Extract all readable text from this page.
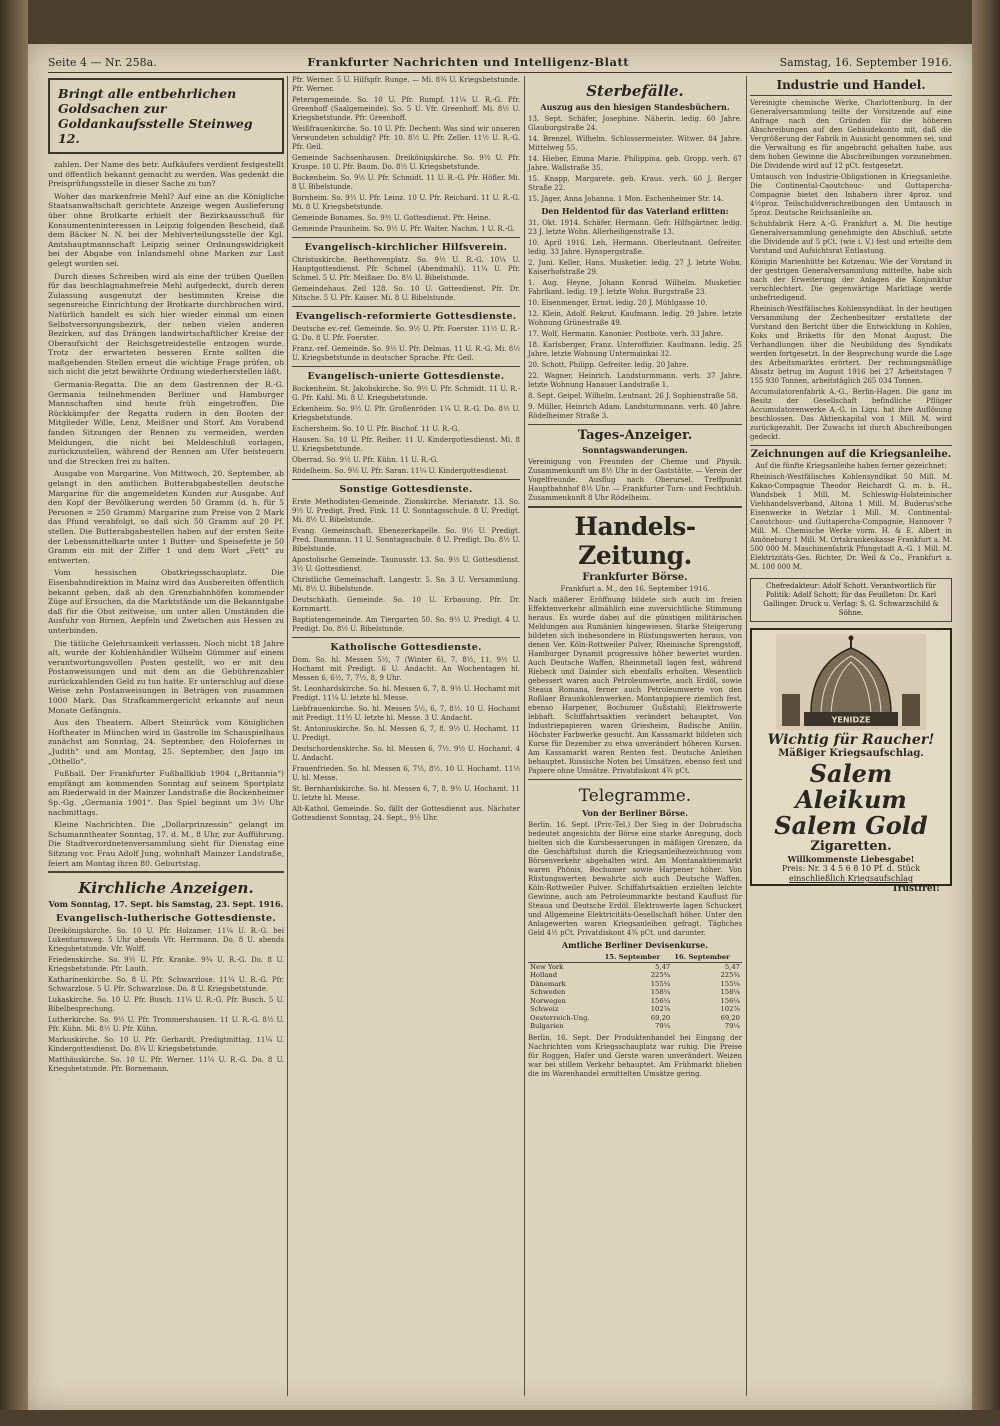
Seite 4 — Nr. 258a.	Frankfurter Nachrichten und Intelligenz-Blatt	Samstag, 16. September 1916.
Bringt alle entbehrlichen Goldsachen zur Goldankaufsstelle Steinweg 12.

zahlen. Der Name des betr. Aufkäufers verdient festgestellt und öffentlich bekannt gemacht zu werden. Was gedenkt die Preisprüfungsstelle in dieser Sache zu tun?

Woher das markenfreie Mehl? Auf eine an die Königliche Staatsanwaltschaft gerichtete Anzeige wegen Auslieferung über ohne Brotkarte erhielt der Bezirksausschuß für Konsumenteninteressen in Leipzig folgenden Bescheid, daß dem Bäcker N. N. bei der Mehlverteilungsstelle der Kgl. Amtshauptmannschaft Leipzig seiner Ordnungswidrigkeit bei der Abgabe von Inlandsmehl ohne Marken zur Last gelegt worden sei.

Durch dieses Schreiben wird als eine der trüben Quellen für das beschlagnahmefreie Mehl aufgedeckt, durch deren Zulassung ausgenutzt der bestimmten Kreise die segensreiche Einrichtung der Brotkarte durchbrochen wird. Natürlich handelt es sich hier wieder einmal um einen Selbstversorgungsbezirk, der neben vielen anderen Bezirken, auf das Drängen landwirtschaftlicher Kreise der Oberaufsicht der Reichsgetreidestelle entzogen wurde. Trotz der erwarteten besseren Ernte sollten die maßgebenden Stellen erneut die wichtige Frage prüfen, ob sich nicht die jetzt bewährte Ordnung wiederherstellen läßt.

Germania-Regatta. Die an dem Gastrennen der R.-G. Germania teilnehmenden Berliner und Hamburger Mannschaften sind heute früh eingetroffen. Die Rückkämpfer der Regatta rudern in den Booten der Mitglieder Wille, Lenz, Meißner und Storf. Am Vorabend fanden Sitzungen der Rennen zu vermeiden, werden Meldungen, die nicht bei Meldeschluß vorlagen, zurückzustellen, während der Rennen am Ufer beisteuern und die Strecken frei zu halten.

Ausgabe von Margarine. Von Mittwoch, 20. September, ab gelangt in den amtlichen Butterabgabestellen deutsche Margarine für die angemeldeten Kunden zur Ausgabe. Auf den Kopf der Bevölkerung werden 50 Gramm (d. h. für 5 Personen = 250 Gramm) Margarine zum Preise von 2 Mark das Pfund verabfolgt, so daß sich 50 Gramm auf 20 Pf. stellen. Die Butterabgabestellen haben auf der ersten Seite der Lebensmittelkarte unter 1 Butter- und Speisefette je 50 Gramm ein mit der Ziffer 1 und dem Wort „Fett“ zu entwerten.

Vom hessischen Obstkriegsschauplatz. Die Eisenbahndirektion in Mainz wird das Ausbereiten öffentlich bekannt geben, daß ab den Grenzbahnhöfen kommender Züge auf Ersuchen, da die Marktstände um die Bekanntgabe daß für die Obst zeitweise, um unter allen Umständen die Ausfuhr von Birnen, Aepfeln und Zwetschen aus Hessen zu unterbinden.

Die tätliche Gelehrsamkeit verlassen. Noch nicht 18 Jahre alt, wurde der Kohlenhändler Wilhelm Gümmer auf einem verantwortungsvollen Posten gestellt, wo er mit den Postanweisungen und mit dem an die Gebührenzahler zurückzahlenden Geld zu tun hatte. Er unterschlug auf diese Weise zehn Postanweisungen in Beträgen von zusammen 1000 Mark. Das Strafkammergericht erkannte auf neun Monate Gefängnis.

Aus den Theatern. Albert Steinrück vom Königlichen Hoftheater in München wird in Gastrolle im Schauspielhaus zunächst am Sonntag, 24. September, den Holofernes in „Judith“ und am Montag, 25. September, den Jago im „Othello“.

Fußball. Der Frankfurter Fußballklub 1904 („Britannia“) empfängt am kommenden Sonntag auf seinem Sportplatz am Riederwald in der Mainzer Landstraße die Bockenheimer Sp.-Gg. „Germania 1901“. Das Spiel beginnt um 3½ Uhr nachmittags.

Kleine Nachrichten. Die „Dollarprinzessin“ gelangt im Schumanntheater Sonntag, 17. d. M., 8 Uhr, zur Aufführung. Die Stadtverordnetenversammlung sieht für Dienstag eine Sitzung vor. Frau Adolf Jung, wohnhaft Mainzer Landstraße, feiert am Montag ihren 80. Geburtstag.

Kirchliche Anzeigen.
Vom Sonntag, 17. Sept. bis Samstag, 23. Sept. 1916.
Evangelisch-lutherische Gottesdienste.

Dreikönigskirche. So. 10 U. Pfr. Holzamer. 11¼ U. R.-G. bei Lukenturmweg. 5 Uhr abends Vfr. Herrmann. Do. 8 U. abends Kriegsbetstunde. Vfr. Wolff.

Friedenskirche. So. 9½ U. Pfr. Kranke. 9¾ U. R.-G. Do. 8 U. Kriegsbetstunde. Pfr. Lauth.

Katharinenkirche. So. 8 U. Pfr. Schwarzlose. 11¼ U. R.-G. Pfr. Schwarzlose. 5 U. Pfr. Schwarzlose. Do. 8 U. Kriegsbetstunde.

Lukaskirche. So. 10 U. Pfr. Busch. 11¼ U. R.-G. Pfr. Busch. 5 U. Bibelbesprechung.

Lutherkirche. So. 9½ U. Pfr. Trommershausen. 11 U. R.-G. 8½ U. Pfr. Kühn. Mi. 8½ U. Pfr. Kühn.

Markuskirche. So. 10 U. Pfr. Gerhardt. Predigtmittag. 11¼ U. Kindergottesdienst. Do. 8¼ U. Kriegsbetstunde.

Matthäuskirche. So. 10 U. Pfr. Werner. 11¼ U. R.-G. Do. 8 U. Kriegsbetstunde. Pfr. Bornemann.

Pfr. Werner. 5 U. Hilfspfr. Runge. — Mi. 8¾ U. Kriegsbetstunde. Pfr. Werner.

Petersgemeinde. So. 10 U. Pfr. Rumpf. 11¼ U. R.-G. Pfr. Greenhoff (Saalgemeinde). So. 5 U. Vfr. Greenhoff. Mi. 8½ U. Kriegsbetstunde. Pfr. Greenhoff.

Weißfrauenkirche. So. 10 U. Pfr. Dechent: Was sind wir unseren Verwundeten schuldig? Pfr. 10. 8½ U. Pfr. Zeller. 11½ U. R.-G. Pfr. Geil.

Gemeinde Sachsenhausen. Dreikönigskirche. So. 9½ U. Pfr. Kruspe. 10 U. Pfr. Baum. Do. 8½ U. Kriegsbetstunde.

Bockenheim. So. 9½ U. Pfr. Schmidt. 11 U. R.-G. Pfr. Höfler. Mi. 8 U. Bibelstunde.

Bornheim. So. 9½ U. Pfr. Leinz. 10 U. Pfr. Reichard. 11 U. R.-G. Mi. 8 U. Kriegsbetstunde.

Gemeinde Bonames. So. 9½ U. Gottesdienst. Pfr. Heine.

Gemeinde Praunheim. So. 9½ U. Pfr. Walter. Nachm. 1 U. R.-G.

Evangelisch-kirchlicher Hilfsverein.

Christuskirche. Beethovenplatz. So. 9½ U. R.-G. 10¼ U. Hauptgottesdienst. Pfr. Schmel (Abendmahl). 11¼ U. Pfr. Schmel. 5 U. Pfr. Meißner. Do. 8½ U. Bibelstunde.

Gemeindehaus. Zeil 128. So. 10 U. Gottesdienst. Pfr. Dr. Nitsche. 5 U. Pfr. Kaiser. Mi. 8 U. Bibelstunde.

Evangelisch-reformierte Gottesdienste.

Deutsche ev.-ref. Gemeinde. So. 9½ U. Pfr. Foerster. 11½ U. R.-G. Do. 8 U. Pfr. Foerster.

Franz.-ref. Gemeinde. So. 9½ U. Pfr. Delmas. 11 U. R.-G. Mi. 8½ U. Kriegsbetstunde in deutscher Sprache. Pfr. Geil.

Evangelisch-unierte Gottesdienste.

Bockenheim. St. Jakobskirche. So. 9½ U. Pfr. Schmidt. 11 U. R.-G. Pfr. Kahl. Mi. 8 U. Kriegsbetstunde.

Eckenheim. So. 9½ U. Pfr. Großenröder. 1¼ U. R.-G. Do. 8½ U. Kriegsbetstunde.

Eschersheim. So. 10 U. Pfr. Bischof. 11 U. R.-G.

Hausen. So. 10 U. Pfr. Reiber. 11 U. Kindergottesdienst. Mi. 8 U. Kriegsbetstunde.

Oberrad. So. 9½ U. Pfr. Kühn. 11 U. R.-G.

Rödelheim. So. 9½ U. Pfr. Saran. 11¼ U. Kindergottesdienst.

Sonstige Gottesdienste.

Erste Methodisten-Gemeinde. Zionskirche. Merianstr. 13. So. 9½ U. Predigt. Pred. Fink. 11 U. Sonntagsschule. 8 U. Predigt. Mi. 8½ U. Bibelstunde.

Evang. Gemeinschaft. Ebenezerkapelle. So. 9½ U. Predigt. Pred. Dammann. 11 U. Sonntagsschule. 8 U. Predigt. Do. 8½ U. Bibelstunde.

Apostolische Gemeinde. Taunusstr. 13. So. 9½ U. Gottesdienst. 3½ U. Gottesdienst.

Christliche Gemeinschaft. Langestr. 5. So. 3 U. Versammlung. Mi. 8½ U. Bibelstunde.

Deutschkath. Gemeinde. So. 10 U. Erbauung. Pfr. Dr. Kornmartt.

Baptistengemeinde. Am Tiergarten 50. So. 9½ U. Predigt. 4 U. Predigt. Do. 8½ U. Bibelstunde.

Katholische Gottesdienste.

Dom. So. hl. Messen 5½, 7 (Winter 6), 7, 8½, 11. 9½ U. Hochamt mit Predigt. 6 U. Andacht. An Wochentagen hl. Messen 6, 6½, 7, 7½, 8, 9 Uhr.

St. Leonhardskirche. So. hl. Messen 6, 7, 8. 9½ U. Hochamt mit Predigt. 11¼ U. letzte hl. Messe.

Liebfrauenkirche. So. hl. Messen 5½, 6, 7, 8½. 10 U. Hochamt mit Predigt. 11½ U. letzte hl. Messe. 3 U. Andacht.

St. Antoniuskirche. So. hl. Messen 6, 7, 8. 9½ U. Hochamt. 11 U. Predigt.

Deutschordenskirche. So. hl. Messen 6, 7½. 9½ U. Hochamt. 4 U. Andacht.

Frauenfrieden. So. hl. Messen 6, 7½, 8½. 10 U. Hochamt. 11½ U. hl. Messe.

St. Bernhardskirche. So. hl. Messen 6, 7, 8. 9½ U. Hochamt. 11 U. letzte hl. Messe.

Alt-Kathol. Gemeinde. So. fällt der Gottesdienst aus. Nächster Gottesdienst Sonntag, 24. Sept., 9½ Uhr.

Sterbefälle.
Auszug aus den hiesigen Standesbüchern.

13. Sept. Schäfer, Josephine. Näherin. ledig. 60 Jahre. Glauburgstraße 24.

14. Brenzel, Wilhelm. Schlossermeister. Witwer. 84 Jahre. Mittelweg 55.

14. Hieber, Emma Marie. Philippina. geb. Gropp. verh. 67 Jahre. Wallstraße 35.

15. Knapp, Margarete. geb. Kraus. verh. 60 J. Berger Straße 22.

15. Jäger, Anna Johanna. 1 Mon. Eschenheimer Str. 14.

Den Heldentod für das Vaterland erlitten:

31. Okt. 1914. Schäfer, Hermann. Gefr. Hilfsgärtner. ledig. 23 J. letzte Wohn. Allerheiligenstraße 13.

10. April 1916. Leh, Hermann. Oberleutnant. Gefreiter. ledig. 33 Jahre. Hynspergstraße.

2. Juni. Keller, Hans. Musketier. ledig. 27 J. letzte Wohn. Kaiserhofstraße 29.

1. Aug. Heyne, Johann Konrad Wilhelm. Musketier. Fabrikant. ledig. 19 J. letzte Wohn. Burgstraße 23.

10. Eisenmenger, Ernst. ledig. 20 J. Mühlgasse 10.

12. Klein, Adolf. Rekrut. Kaufmann. ledig. 29 Jahre. letzte Wohnung Grünestraße 49.

17. Wolf, Hermann. Kanonier. Postbote. verh. 33 Jahre.

18. Karlsberger, Franz. Unteroffizier. Kaufmann. ledig. 25 Jahre. letzte Wohnung Untermainkai 32.

20. Schott, Philipp. Gefreiter. ledig. 20 Jahre.

22. Wagner, Heinrich. Landsturmmann. verh. 37 Jahre. letzte Wohnung Hanauer Landstraße 1.

8. Sept. Geipel, Wilhelm. Leutnant. 26 J. Sophienstraße 58.

9. Müller, Heinrich Adam. Landsturmmann. verh. 40 Jahre. Rödelheimer Straße 3.

Tages-Anzeiger.
Sonntagswanderungen.

Vereinigung von Freunden der Chemie und Physik. Zusammenkunft um 8½ Uhr in der Gaststätte. — Verein der Vogelfreunde. Ausflug nach Oberursel. Treffpunkt Hauptbahnhof 8½ Uhr. — Frankfurter Turn- und Fechtklub. Zusammenkunft 8 Uhr Rödelheim.

Handels-Zeitung.
Frankfurter Börse.

Frankfurt a. M., den 16. September 1916.

Nach mäßerer Eröffnung bildete sich auch im freien Effektenverkehr allmählich eine zuversichtliche Stimmung heraus. Es wurde dabei auf die günstigen militärischen Meldungen aus Rumänien hingewiesen. Starke Steigerung bildeten sich insbesondere in Rüstungswerten heraus, von denen Ver. Köln-Rottweiler Pulver, Rheinische Sprengstoff, Hamburger Dynamit progressive höher bewertet wurden. Auch Deutsche Waffen, Rheinmetall lagen fest, während Riebeck und Daimler sich ebenfalls erholten. Wesentlich gebessert waren auch Petroleumwerte, auch Erdöl, sowie Steaua Romana, ferner auch Petroleumwerte von den Roßlaer Braunkohlenwerken. Montanpapiere ziemlich fest, ebenso Harpener, Bochumer Gußstahl; Elektrowerte lebhaft. Schiffahrtsaktien verändert behauptet. Von Industriepapieren waren Griesheim, Badische Anilin, Höchster Farbwerke gesucht. Am Kassamarkt bildeten sich Kurse für Dezember zu etwa unverändert höheren Kursen. Am Kassamarkt waren Renten fest. Deutsche Anleihen behauptet. Russische Noten bei Umsätzen, ebenso fest und Papiere ohne Umsätze. Privatdiskont 4¾ pCt.

Telegramme.
Von der Berliner Börse.

Berlin, 16. Sept. (Priv.-Tel.) Der Sieg in der Dobrudscha bedeutet angesichts der Börse eine starke Anregung, doch hielten sich die Kursbesserungen in mäßigen Grenzen, da die Geschäftslust durch die Kriegsanleihezeichnung vom Börsenverkehr abgehalten wird. Am Montanaktienmarkt waren Phönix, Bochumer sowie Harpener höher. Von Rüstungswerten bewahrte sich auch Deutsche Waffen, Köln-Rottweiler Pulver. Schiffahrtsaktien erzielten leichte Gewinne, auch am Petroleummarkte bestand Kauflust für Steaua und Deutsche Erdöl. Elektrowerte lagen Schuckert und Allgemeine Elektricitäts-Gesellschaft höher. Unter den Anlagewerten waren Kriegsanleihen gefragt. Tägliches Geld 4½ pCt. Privatdiskont 4¾ pCt. und darunter.

Amtliche Berliner Devisenkurse.
	15. September	16. September
New York	5,47	5,47
Holland	225¾	225¾
Dänemark	155¼	155¼
Schweden	158¼	158¼
Norwegen	156¼	156¼
Schweiz	102⅞	102⅞
Oesterreich-Ung.	69,20	69,20
Bulgarien	79¼	79¼

Berlin, 16. Sept. Der Produktenhandel bei Eingang der Nachrichten vom Kriegsschauplatz war ruhig. Die Preise für Roggen, Hafer und Gerste waren unverändert. Weizen war bei stillem Verkehr behauptet. Am Frühmarkt blieben die im Warenhandel ermittelten Umsätze gering.

Industrie und Handel.

Vereinigte chemische Werke, Charlottenburg. In der Generalversammlung teilte der Vorsitzende auf eine Anfrage nach den Gründen für die höheren Abschreibungen auf den Gebäudekonto mit, daß die Vergrößerung der Fabrik in Aussicht genommen sei, und die Verwaltung es für angebracht gehalten habe, aus dem hohen Gewinne die Abschreibungen vorzunehmen. Die Dividende wird auf 12 pCt. festgesetzt.

Umtausch von Industrie-Obligationen in Kriegsanleihe. Die Continental-Caoutchouc- und Guttapercha-Compagnie bietet den Inhabern ihrer 4proz. und 4½proz. Teilschuldverschreibungen den Umtausch in 5proz. Deutsche Reichsanleihe an.

Schuhfabrik Herz A.-G. Frankfurt a. M. Die heutige Generalversammlung genehmigte den Abschluß, setzte die Dividende auf 5 pCt. (wie i. V.) fest und erteilte dem Vorstand und Aufsichtsrat Entlastung.

Königin Marienhütte bei Kotzenau. Wie der Vorstand in der gestrigen Generalversammlung mitteilte, habe sich nach der Erweiterung der Anlagen die Konjunktur verschlechtert. Die gegenwärtige Marktlage werde unbefriedigend.

Rheinisch-Westfälisches Kohlensyndikat. In der heutigen Versammlung der Zechenbesitzer erstattete der Vorstand den Bericht über die Entwicklung in Kohlen, Koks und Briketts für den Monat August. Die Verhandlungen über die Neubildung des Syndikats werden fortgesetzt. In der Besprechung wurde die Lage des Arbeitsmarktes erörtert. Der rechnungsmäßige Absatz betrug im August 1916 bei 27 Arbeitstagen 7 155 930 Tonnen, arbeitstäglich 265 034 Tonnen.

Accumulatorenfabrik A.-G., Berlin-Hagen. Die ganz im Besitz der Gesellschaft befindliche Pflüger Accumulatorenwerke A.-G. in Liqu. hat ihre Auflösung beschlossen. Das Aktienkapital von 1 Mill. M. wird zurückgezahlt. Der Zuwachs ist durch Abschreibungen gedeckt.

Zeichnungen auf die Kriegsanleihe.

Auf die fünfte Kriegsanleihe haben ferner gezeichnet:

Rheinisch-Westfälisches Kohlensyndikat 50 Mill. M. Kakao-Compagnie Theodor Reichardt G. m. b. H., Wandsbek 1 Mill. M. Schleswig-Holsteinischer Viehhandelsverband, Altona 1 Mill. M. Buderus'sche Eisenwerke in Wetzlar 1 Mill. M. Continental-Caoutchouc- und Guttapercha-Compagnie, Hannover 7 Mill. M. Chemische Werke vorm. H. & E. Albert in Amöneburg 1 Mill. M. Ortskrankenkasse Frankfurt a. M. 500 000 M. Maschinenfabrik Pfungstadt A.-G. 1 Mill. M. Elektrizitäts-Ges. Richter, Dr. Weil & Co., Frankfurt a. M. 100 000 M.

Chefredakteur: Adolf Schott. Verantwortlich für Politik: Adolf Schott; für das Feuilleton: Dr. Karl Gallinger. Druck u. Verlag: S. G. Schwarzschild & Söhne.
YENIDZE
Wichtig für Raucher!
Mäßiger Kriegsaufschlag.
Salem Aleikum
Salem Gold
Zigaretten.
Willkommenste Liebesgabe!
Preis: Nr. 3 4 5 6 8 10 Pf. d. Stück
einschließlich Kriegsaufschlag
Trustfrei!
